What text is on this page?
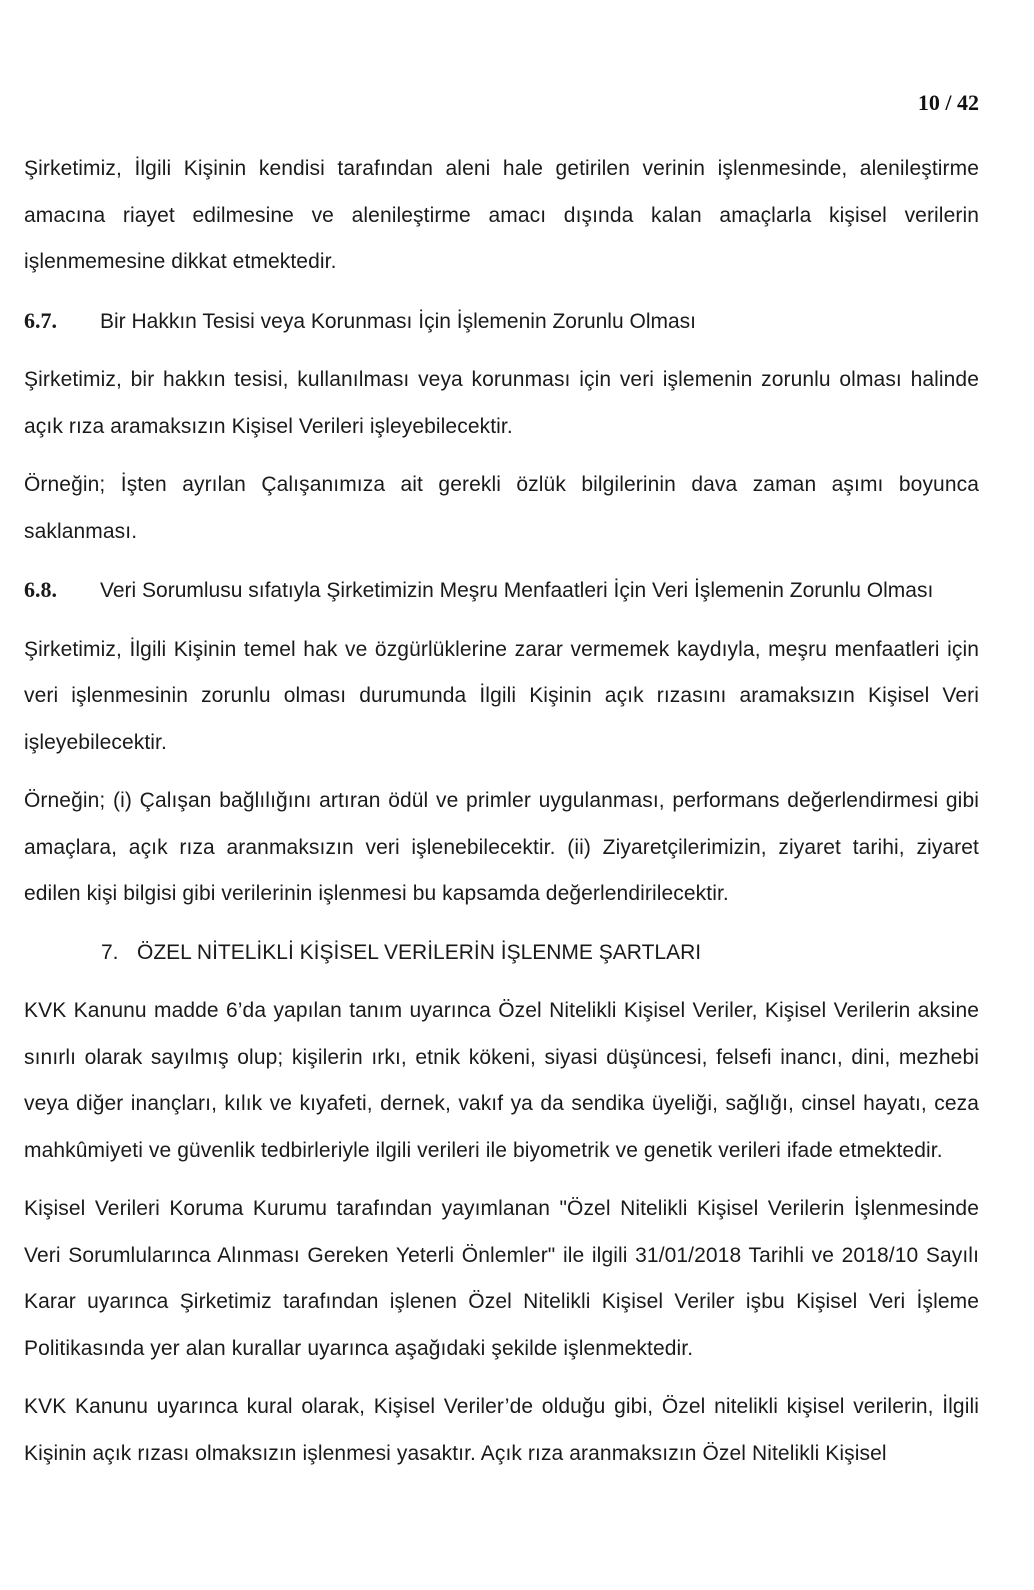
10 / 42

Şirketimiz, İlgili Kişinin kendisi tarafından aleni hale getirilen verinin işlenmesinde, alenileştirme amacına riayet edilmesine ve alenileştirme amacı dışında kalan amaçlarla kişisel verilerin işlenmemesine dikkat etmektedir.

6.7.	Bir Hakkın Tesisi veya Korunması İçin İşlemenin Zorunlu Olması

Şirketimiz, bir hakkın tesisi, kullanılması veya korunması için veri işlemenin zorunlu olması halinde açık rıza aramaksızın Kişisel Verileri işleyebilecektir.

Örneğin; İşten ayrılan Çalışanımıza ait gerekli özlük bilgilerinin dava zaman aşımı boyunca saklanması.

6.8. Veri Sorumlusu sıfatıyla Şirketimizin Meşru Menfaatleri İçin Veri İşlemenin Zorunlu Olması

Şirketimiz, İlgili Kişinin temel hak ve özgürlüklerine zarar vermemek kaydıyla, meşru menfaatleri için veri işlenmesinin zorunlu olması durumunda İlgili Kişinin açık rızasını aramaksızın Kişisel Veri işleyebilecektir.

Örneğin; (i) Çalışan bağlılığını artıran ödül ve primler uygulanması, performans değerlendirmesi gibi amaçlara, açık rıza aranmaksızın veri işlenebilecektir. (ii) Ziyaretçilerimizin, ziyaret tarihi, ziyaret edilen kişi bilgisi gibi verilerinin işlenmesi bu kapsamda değerlendirilecektir.

7. ÖZEL NİTELİKLİ KİŞİSEL VERİLERİN İŞLENME ŞARTLARI

KVK Kanunu madde 6’da yapılan tanım uyarınca Özel Nitelikli Kişisel Veriler, Kişisel Verilerin aksine sınırlı olarak sayılmış olup; kişilerin ırkı, etnik kökeni, siyasi düşüncesi, felsefi inancı, dini, mezhebi veya diğer inançları, kılık ve kıyafeti, dernek, vakıf ya da sendika üyeliği, sağlığı, cinsel hayatı, ceza mahkûmiyeti ve güvenlik tedbirleriyle ilgili verileri ile biyometrik ve genetik verileri ifade etmektedir.

Kişisel Verileri Koruma Kurumu tarafından yayımlanan "Özel Nitelikli Kişisel Verilerin İşlenmesinde Veri Sorumlularınca Alınması Gereken Yeterli Önlemler" ile ilgili 31/01/2018 Tarihli ve 2018/10 Sayılı Karar uyarınca Şirketimiz tarafından işlenen Özel Nitelikli Kişisel Veriler işbu Kişisel Veri İşleme Politikasında yer alan kurallar uyarınca aşağıdaki şekilde işlenmektedir.

KVK Kanunu uyarınca kural olarak, Kişisel Veriler’de olduğu gibi, Özel nitelikli kişisel verilerin, İlgili Kişinin açık rızası olmaksızın işlenmesi yasaktır. Açık rıza aranmaksızın Özel Nitelikli Kişisel
